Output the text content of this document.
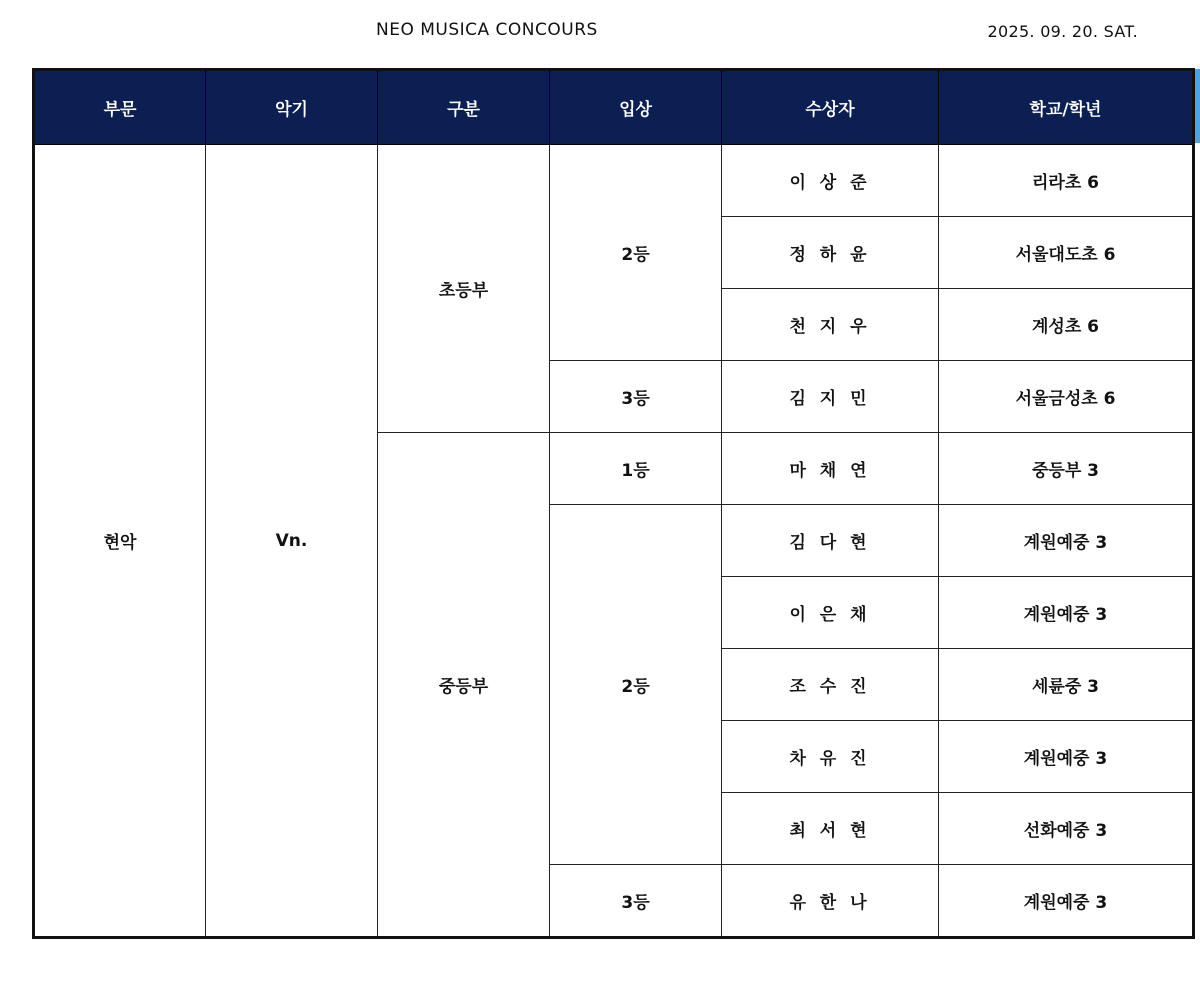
NEO MUSICA CONCOURS	2025. 09. 20. SAT.
부문	악기	구분	입상	수상자	학교/학년
현악	Vn.	초등부	2등	이 상 준	리라초 6
				정 하 윤	서울대도초 6
				천 지 우	계성초 6
			3등	김 지 민	서울금성초 6
		중등부	1등	마 채 연	중등부 3
			2등	김 다 현	계원예중 3
				이 은 채	계원예중 3
				조 수 진	세륜중 3
				차 유 진	계원예중 3
				최 서 현	선화예중 3
			3등	유 한 나	계원예중 3
